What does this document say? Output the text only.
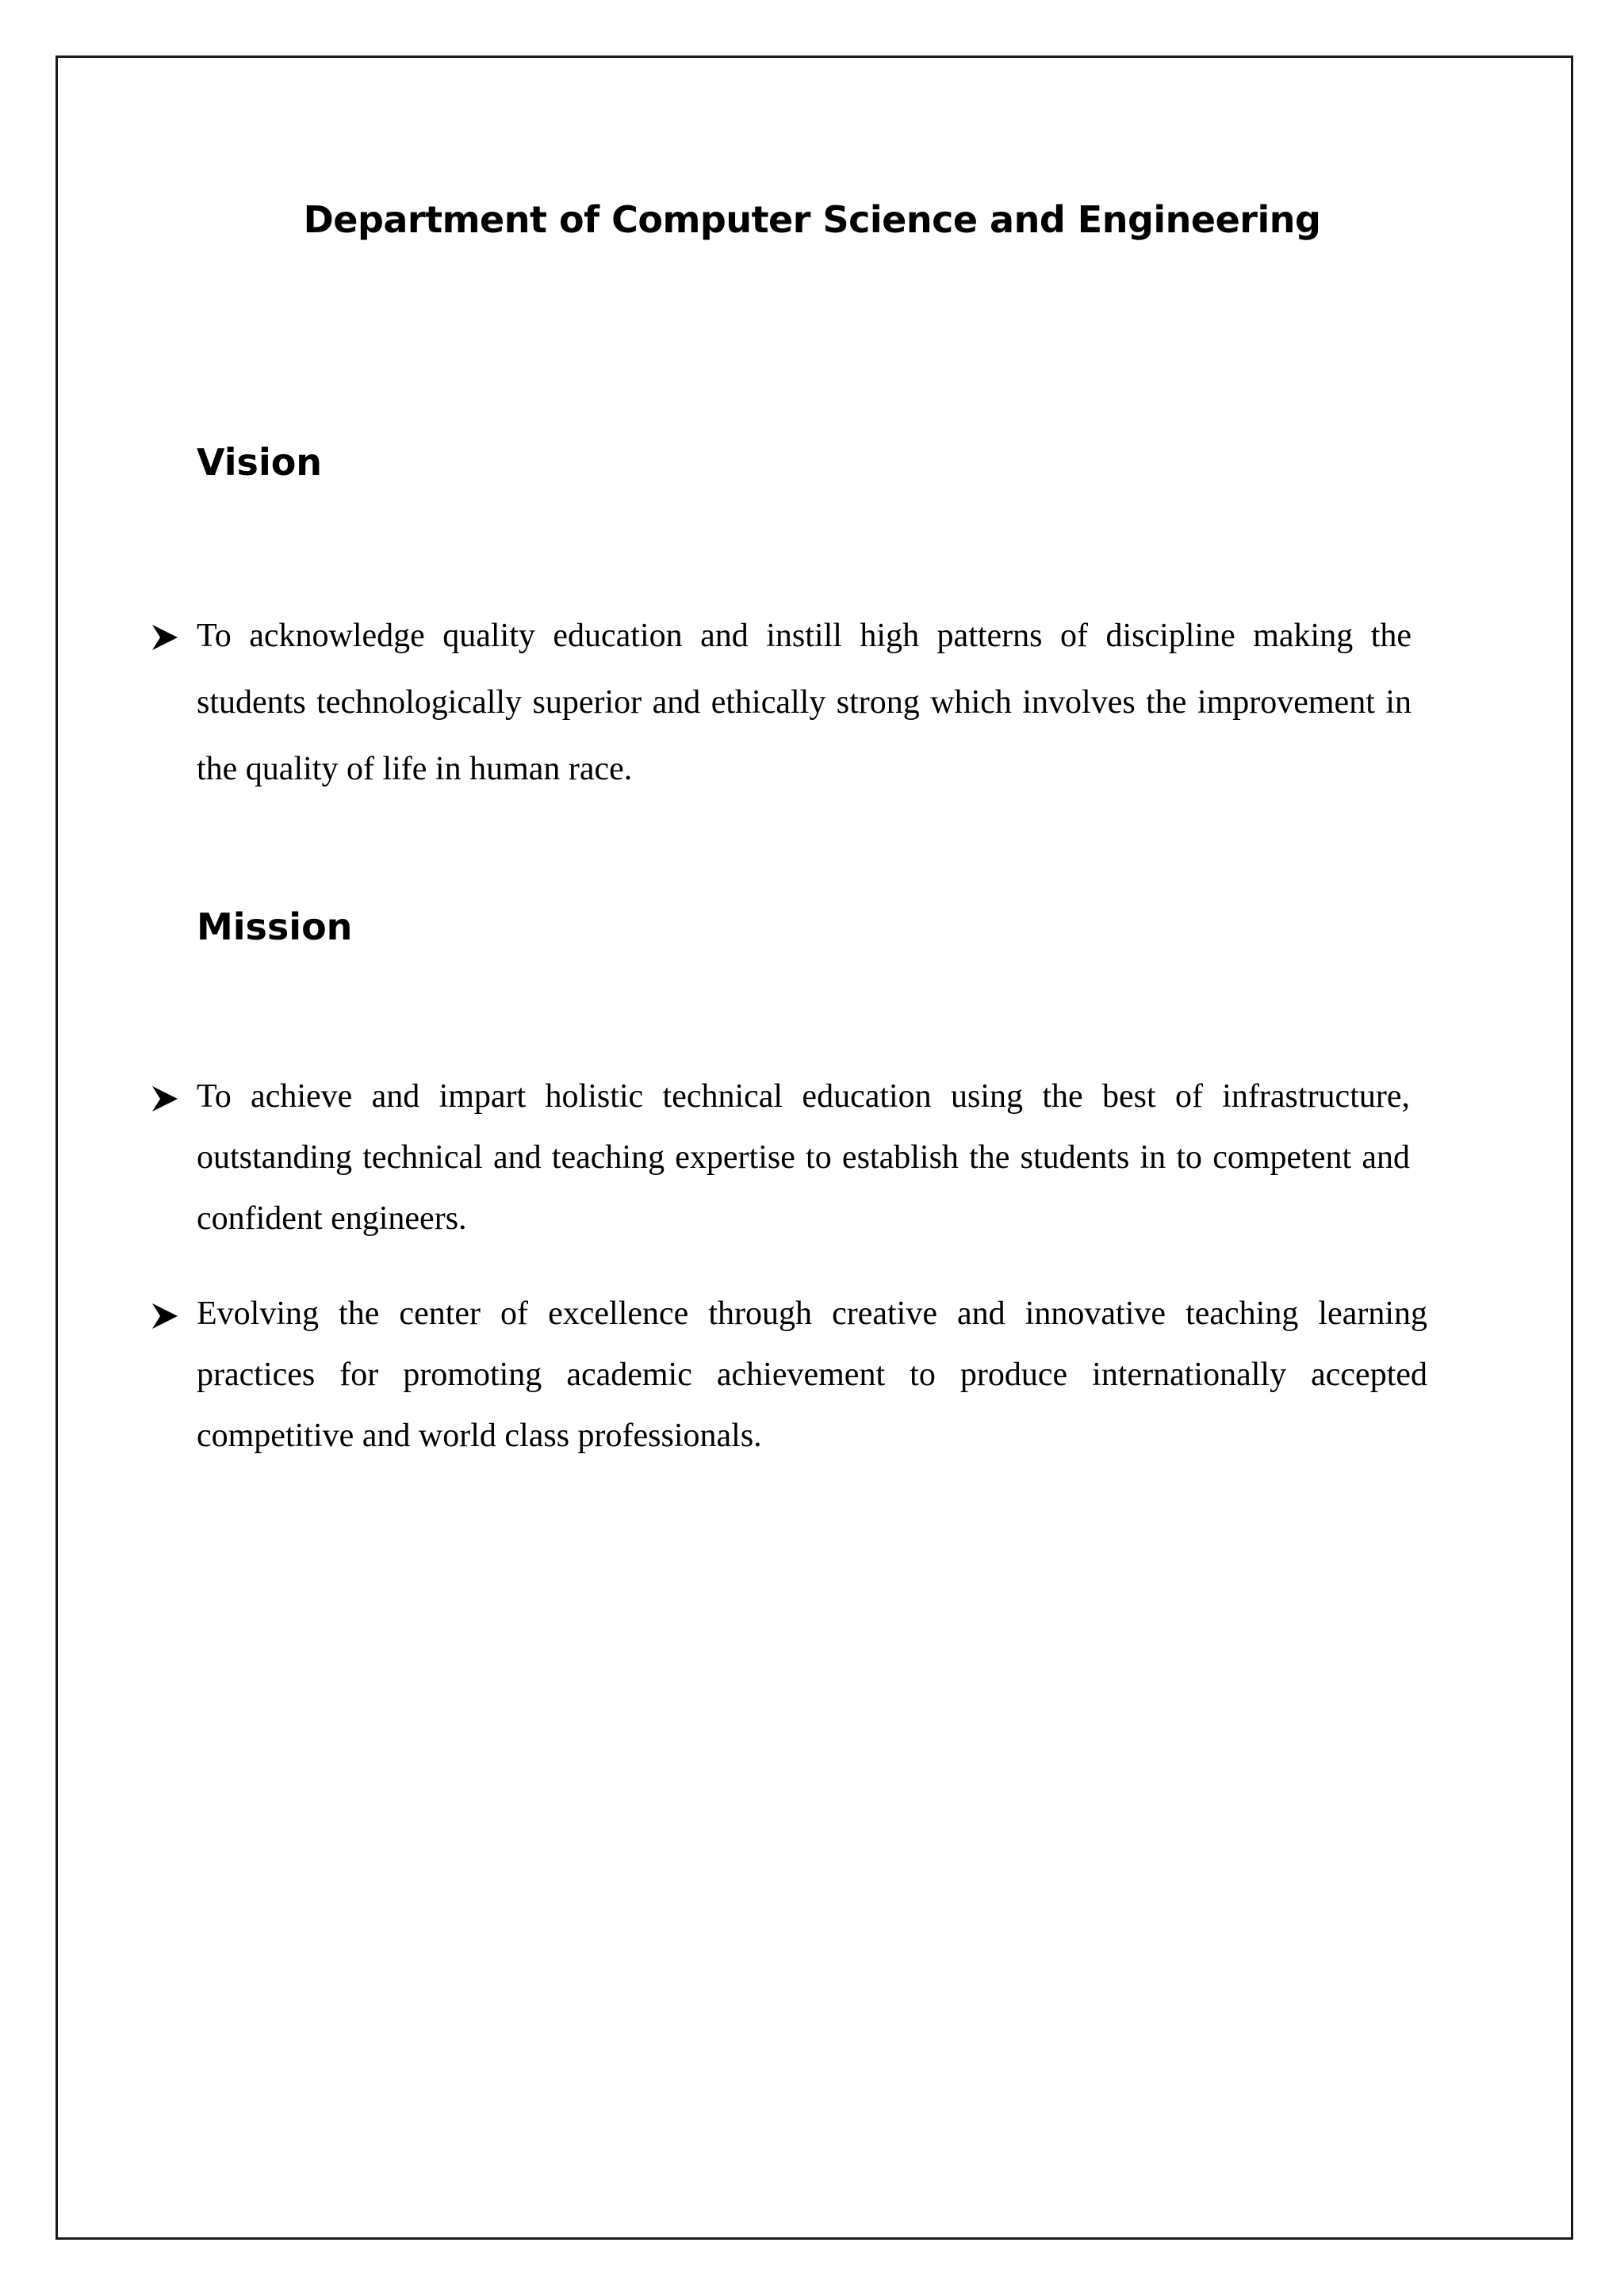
Department of Computer Science and Engineering
Vision

To acknowledge quality education and instill high patterns of discipline making the students technologically superior and ethically strong which involves the improvement in the quality of life in human race.

Mission

To achieve and impart holistic technical education using the best of infrastructure, outstanding technical and teaching expertise to establish the students in to competent and confident engineers.

Evolving the center of excellence through creative and innovative teaching learning practices for promoting academic achievement to produce internationally accepted competitive and world class professionals.
